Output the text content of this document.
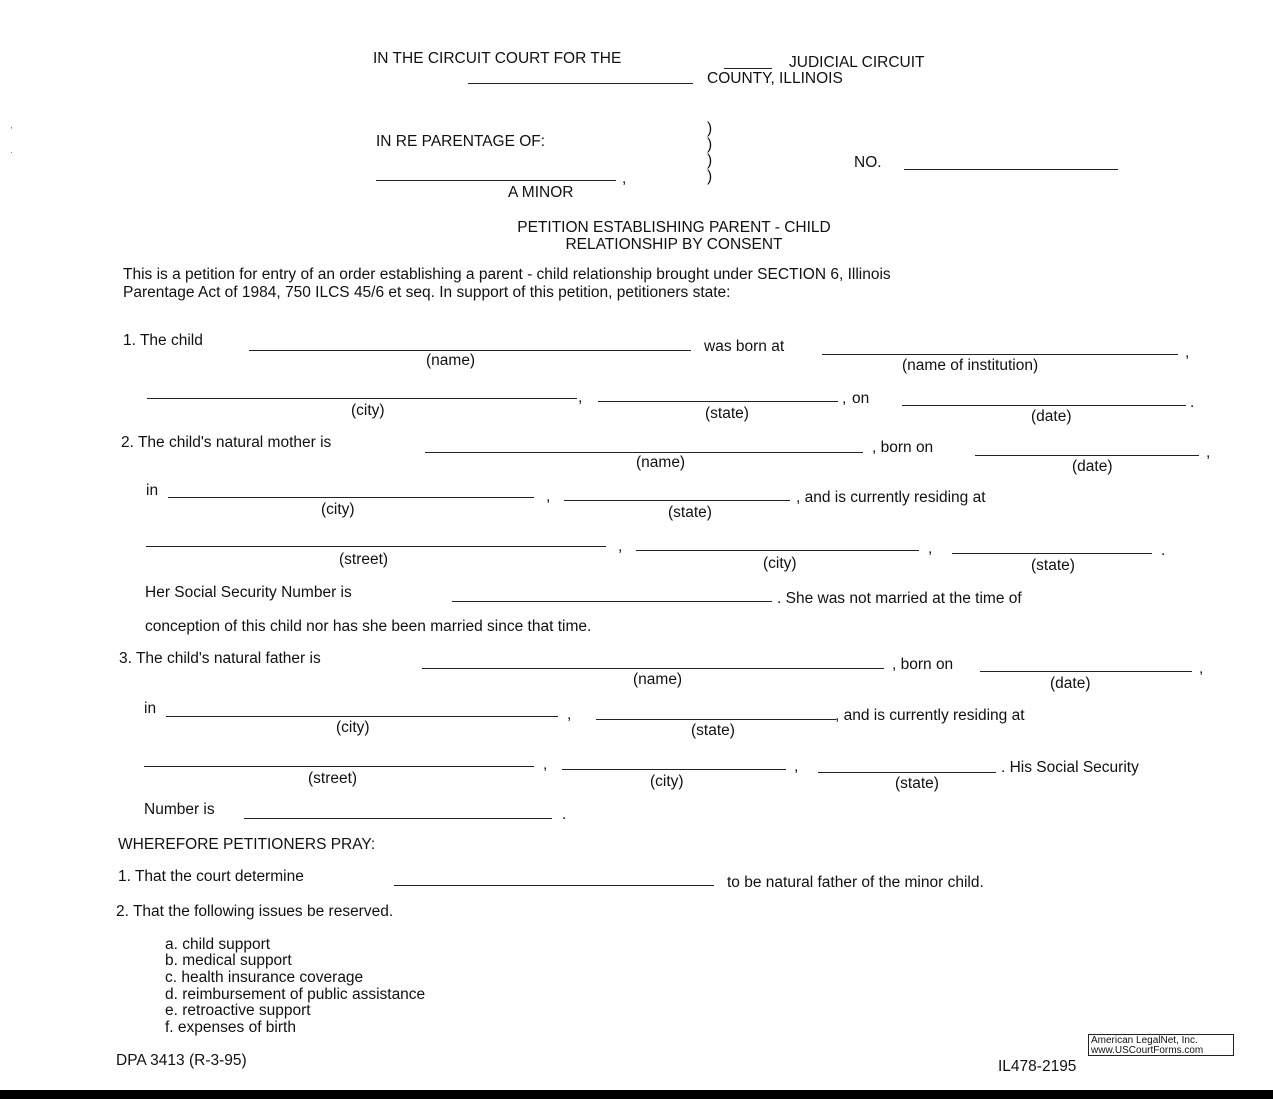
,
.
IN THE CIRCUIT COURT FOR THE	JUDICIAL CIRCUIT
COUNTY, ILLINOIS
IN RE PARENTAGE OF:
,
A MINOR
)
)
)
)
NO.
PETITION ESTABLISHING PARENT - CHILD
RELATIONSHIP BY CONSENT
This is a petition for entry of an order establishing a parent - child relationship brought under SECTION 6, Illinois
Parentage Act of 1984, 750 ILCS 45/6 et seq. In support of this petition, petitioners state:
1. The child	was born at	,
(name)	(name of institution)
,	, on	.
(city)	(state)	(date)
2. The child's natural mother is	, born on	,
(name)	(date)
in	,	, and is currently residing at
(city)	(state)
,	,	.
(street)	(city)	(state)
Her Social Security Number is	. She was not married at the time of
conception of this child nor has she been married since that time.
3. The child's natural father is	, born on	,
(name)	(date)
in	,	, and is currently residing at
(city)	(state)
,	,	. His Social Security
(street)	(city)	(state)
Number is	.
WHEREFORE PETITIONERS PRAY:
1. That the court determine	to be natural father of the minor child.
2. That the following issues be reserved.
a. child support
b. medical support
c. health insurance coverage
d. reimbursement of public assistance
e. retroactive support
f. expenses of birth
DPA 3413 (R-3-95)	IL478-2195
American LegalNet, Inc.
www.USCourtForms.com
